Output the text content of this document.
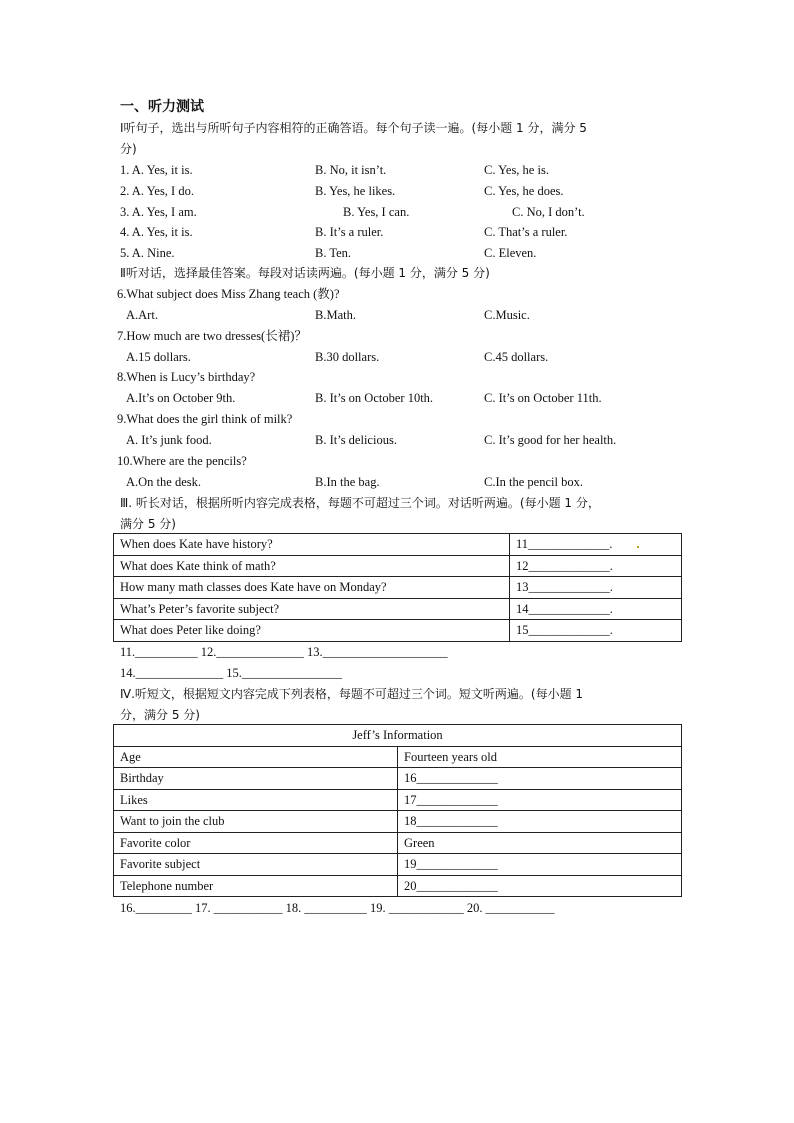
一、听力测试
Ⅰ听句子，选出与所听句子内容相符的正确答语。每个句子读一遍。(每小题 1 分，满分 5
分)
1. A. Yes, it is.	B. No, it isn’t.	C. Yes, he is.
2. A. Yes, I do.	B. Yes, he likes.	C. Yes, he does.
3. A. Yes, I am.	B. Yes, I can.	C. No, I don’t.
4. A. Yes, it is.	B. It’s a ruler.	C. That’s a ruler.
5. A. Nine.	B. Ten.	C. Eleven.
Ⅱ听对话，选择最佳答案。每段对话读两遍。(每小题 1 分，满分 5 分)
6.What subject does Miss Zhang teach (教)?
A.Art.	B.Math.	C.Music.
7.How much are two dresses(长裙)？
A.15 dollars.	B.30 dollars.	C.45 dollars.
8.When is Lucy’s birthday?
A.It’s on October 9th.	B. It’s on October 10th.	C. It’s on October 11th.
9.What does the girl think of milk?
A. It’s junk food.	B. It’s delicious.	C. It’s good for her health.
10.Where are the pencils?
A.On the desk.	B.In the bag.	C.In the pencil box.
Ⅲ. 听长对话，根据所听内容完成表格，每题不可超过三个词。对话听两遍。(每小题 1 分，
满分 5 分)
When does Kate have history?	11_____________.
What does Kate think of math?	12_____________.
How many math classes does Kate have on Monday?	13_____________.
What’s Peter’s favorite subject?	14_____________.
What does Peter like doing?	15_____________.
11.__________ 12.______________ 13.____________________
14.______________ 15.________________
Ⅳ.听短文，根据短文内容完成下列表格，每题不可超过三个词。短文听两遍。(每小题 1
分，满分 5 分)
Jeff’s Information	
Age	Fourteen years old
Birthday	16_____________
Likes	17_____________
Want to join the club	18_____________
Favorite color	Green
Favorite subject	19_____________
Telephone number	20_____________
16._________ 17. ___________ 18. __________ 19. ____________ 20. ___________
